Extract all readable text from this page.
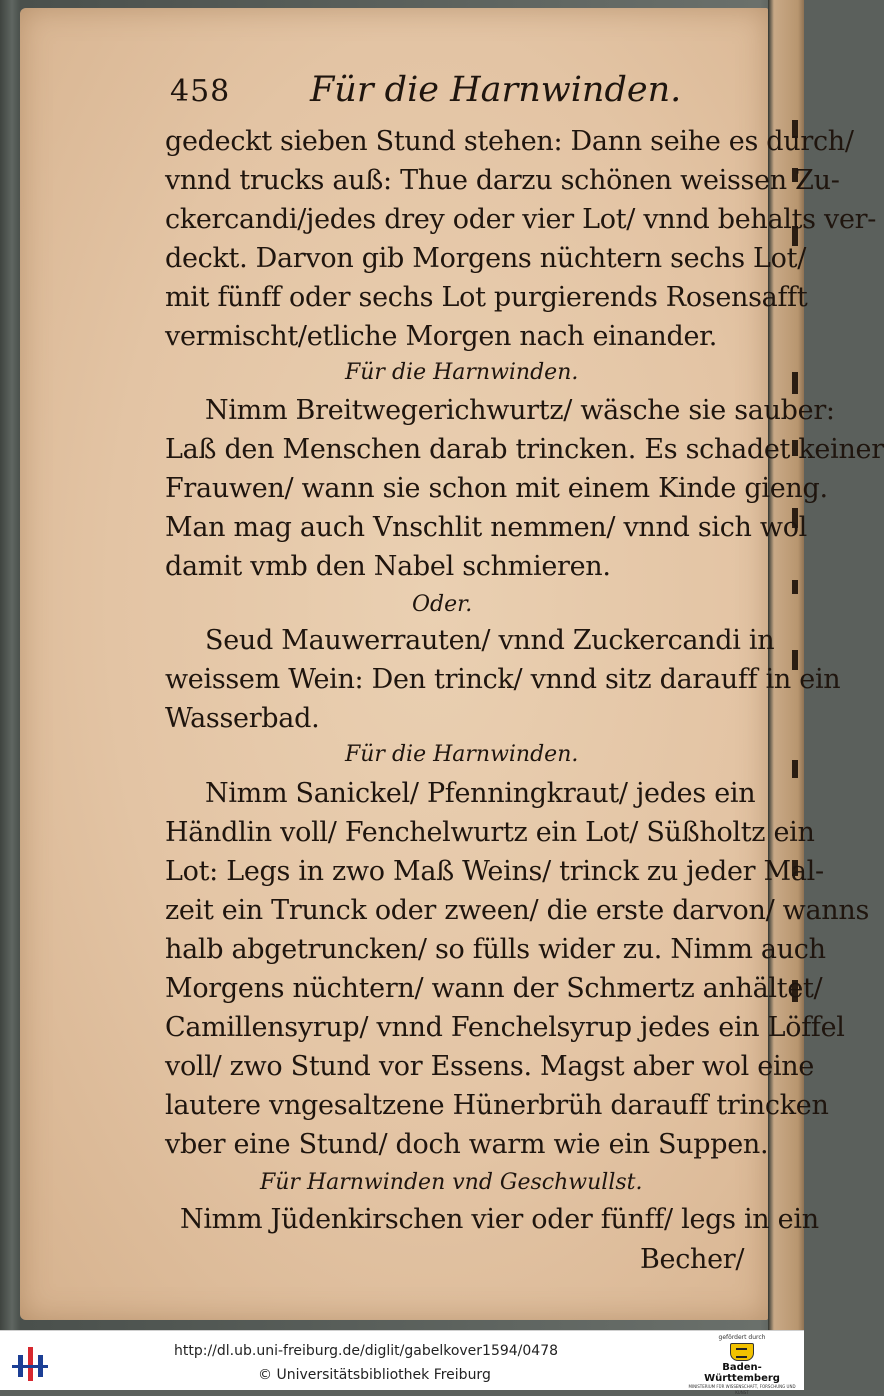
458 Für die Harnwinden.
gedeckt sieben Stund stehen: Dann seihe es durch/
vnnd trucks auß: Thue darzu schönen weissen Zu-
ckercandi/jedes drey oder vier Lot/ vnnd behalts ver-
deckt. Darvon gib Morgens nüchtern sechs Lot/
mit fünff oder sechs Lot purgierends Rosensafft
vermischt/etliche Morgen nach einander.
Für die Harnwinden.
Nimm Breitwegerichwurtz/ wäsche sie sauber:
Laß den Menschen darab trincken. Es schadet keiner
Frauwen/ wann sie schon mit einem Kinde gieng.
Man mag auch Vnschlit nemmen/ vnnd sich wol
damit vmb den Nabel schmieren.
Oder.
Seud Mauwerrauten/ vnnd Zuckercandi in
weissem Wein: Den trinck/ vnnd sitz darauff in ein
Wasserbad.
Für die Harnwinden.
Nimm Sanickel/ Pfenningkraut/ jedes ein
Händlin voll/ Fenchelwurtz ein Lot/ Süßholtz ein
Lot: Legs in zwo Maß Weins/ trinck zu jeder Mal-
zeit ein Trunck oder zween/ die erste darvon/ wanns
halb abgetruncken/ so fülls wider zu. Nimm auch
Morgens nüchtern/ wann der Schmertz anhältet/
Camillensyrup/ vnnd Fenchelsyrup jedes ein Löffel
voll/ zwo Stund vor Essens. Magst aber wol eine
lautere vngesaltzene Hünerbrüh darauff trincken
vber eine Stund/ doch warm wie ein Suppen.
Für Harnwinden vnd Geschwullst.
Nimm Jüdenkirschen vier oder fünff/ legs in ein
Becher/
http://dl.ub.uni-freiburg.de/diglit/gabelkover1594/0478
© Universitätsbibliothek Freiburg
gefördert durch
Baden-Württemberg
MINISTERIUM FÜR WISSENSCHAFT, FORSCHUNG UND KUNST
